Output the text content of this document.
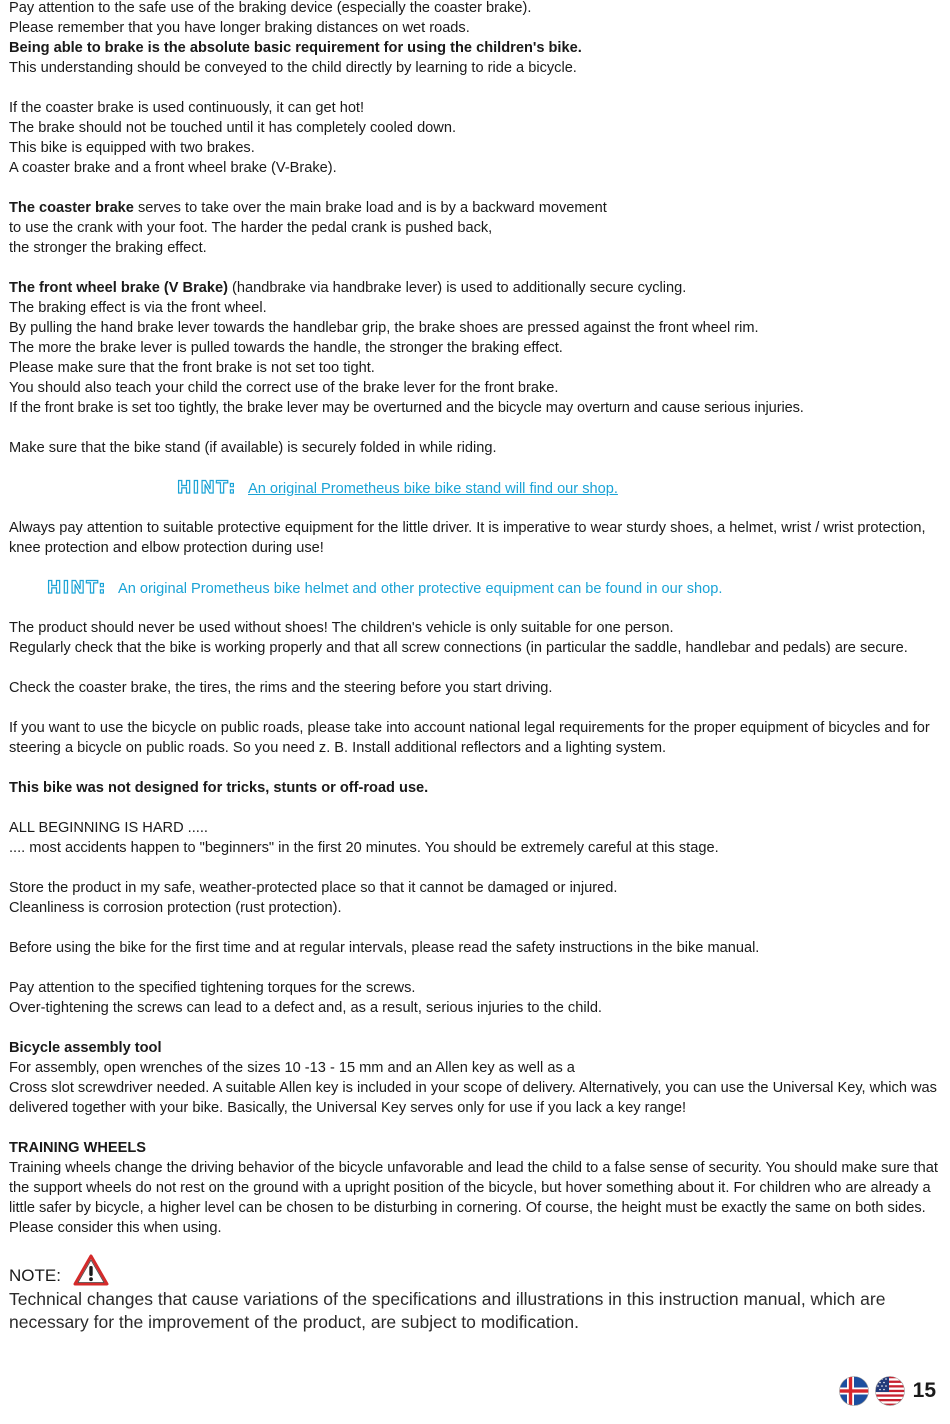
Pay attention to the safe use of the braking device (especially the coaster brake).
Please remember that you have longer braking distances on wet roads.
Being able to brake is the absolute basic requirement for using the children's bike.
This understanding should be conveyed to the child directly by learning to ride a bicycle.
If the coaster brake is used continuously, it can get hot!
The brake should not be touched until it has completely cooled down.
This bike is equipped with two brakes.
A coaster brake and a front wheel brake (V-Brake).
The coaster brake serves to take over the main brake load and is by a backward movement
to use the crank with your foot. The harder the pedal crank is pushed back,
the stronger the braking effect.
The front wheel brake (V Brake) (handbrake via handbrake lever) is used to additionally secure cycling.
The braking effect is via the front wheel.
By pulling the hand brake lever towards the handlebar grip, the brake shoes are pressed against the front wheel rim.
The more the brake lever is pulled towards the handle, the stronger the braking effect.
Please make sure that the front brake is not set too tight.
You should also teach your child the correct use of the brake lever for the front brake.
If the front brake is set too tightly, the brake lever may be overturned and the bicycle may overturn and cause serious injuries.
Make sure that the bike stand (if available) is securely folded in while riding.
HINT: An original Prometheus bike bike stand will find our shop.
Always pay attention to suitable protective equipment for the little driver. It is imperative to wear sturdy shoes, a helmet, wrist / wrist protection, knee protection and elbow protection during use!
HINT: An original Prometheus bike helmet and other protective equipment can be found in our shop.
The product should never be used without shoes! The children's vehicle is only suitable for one person.
Regularly check that the bike is working properly and that all screw connections (in particular the saddle, handlebar and pedals) are secure.
Check the coaster brake, the tires, the rims and the steering before you start driving.
If you want to use the bicycle on public roads, please take into account national legal requirements for the proper equipment of bicycles and for steering a bicycle on public roads. So you need z. B. Install additional reflectors and a lighting system.
This bike was not designed for tricks, stunts or off-road use.
ALL BEGINNING IS HARD .....
.... most accidents happen to "beginners" in the first 20 minutes. You should be extremely careful at this stage.
Store the product in my safe, weather-protected place so that it cannot be damaged or injured.
Cleanliness is corrosion protection (rust protection).
Before using the bike for the first time and at regular intervals, please read the safety instructions in the bike manual.
Pay attention to the specified tightening torques for the screws.
Over-tightening the screws can lead to a defect and, as a result, serious injuries to the child.
Bicycle assembly tool
For assembly, open wrenches of the sizes 10 -13 - 15 mm and an Allen key as well as a
Cross slot screwdriver needed. A suitable Allen key is included in your scope of delivery. Alternatively, you can use the Universal Key, which was delivered together with your bike. Basically, the Universal Key serves only for use if you lack a key range!
TRAINING WHEELS
Training wheels change the driving behavior of the bicycle unfavorable and lead the child to a false sense of security. You should make sure that the support wheels do not rest on the ground with a upright position of the bicycle, but hover something about it. For children who are already a little safer by bicycle, a higher level can be chosen to be disturbing in cornering. Of course, the height must be exactly the same on both sides. Please consider this when using.
NOTE:
Technical changes that cause variations of the specifications and illustrations in this instruction manual, which are necessary for the improvement of the product, are subject to modification.
15
